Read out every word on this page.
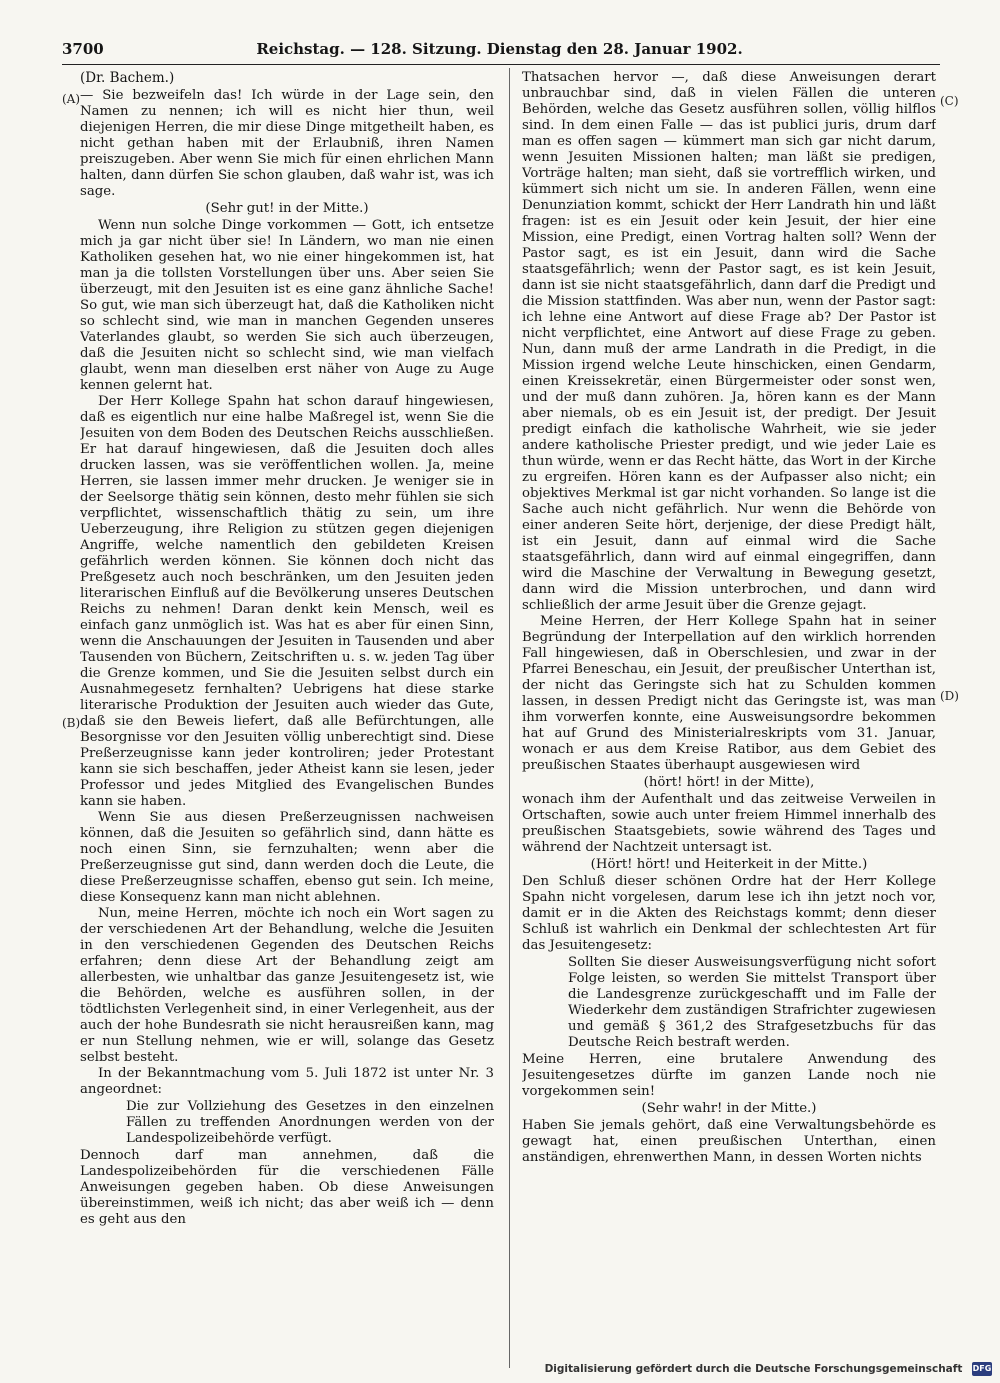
3700	Reichstag. — 128. Sitzung. Dienstag den 28. Januar 1902.
(A)
(B)
(C)
(D)

(Dr. Bachem.)

— Sie bezweifeln das! Ich würde in der Lage sein, den Namen zu nennen; ich will es nicht hier thun, weil diejenigen Herren, die mir diese Dinge mitgetheilt haben, es nicht gethan haben mit der Erlaubniß, ihren Namen preiszugeben. Aber wenn Sie mich für einen ehrlichen Mann halten, dann dürfen Sie schon glauben, daß wahr ist, was ich sage.

(Sehr gut! in der Mitte.)

Wenn nun solche Dinge vorkommen — Gott, ich entsetze mich ja gar nicht über sie! In Ländern, wo man nie einen Katholiken gesehen hat, wo nie einer hingekommen ist, hat man ja die tollsten Vorstellungen über uns. Aber seien Sie überzeugt, mit den Jesuiten ist es eine ganz ähnliche Sache! So gut, wie man sich überzeugt hat, daß die Katholiken nicht so schlecht sind, wie man in manchen Gegenden unseres Vaterlandes glaubt, so werden Sie sich auch überzeugen, daß die Jesuiten nicht so schlecht sind, wie man vielfach glaubt, wenn man dieselben erst näher von Auge zu Auge kennen gelernt hat.

Der Herr Kollege Spahn hat schon darauf hingewiesen, daß es eigentlich nur eine halbe Maßregel ist, wenn Sie die Jesuiten von dem Boden des Deutschen Reichs ausschließen. Er hat darauf hingewiesen, daß die Jesuiten doch alles drucken lassen, was sie veröffentlichen wollen. Ja, meine Herren, sie lassen immer mehr drucken. Je weniger sie in der Seelsorge thätig sein können, desto mehr fühlen sie sich verpflichtet, wissenschaftlich thätig zu sein, um ihre Ueberzeugung, ihre Religion zu stützen gegen diejenigen Angriffe, welche namentlich den gebildeten Kreisen gefährlich werden können. Sie können doch nicht das Preßgesetz auch noch beschränken, um den Jesuiten jeden literarischen Einfluß auf die Bevölkerung unseres Deutschen Reichs zu nehmen! Daran denkt kein Mensch, weil es einfach ganz unmöglich ist. Was hat es aber für einen Sinn, wenn die Anschauungen der Jesuiten in Tausenden und aber Tausenden von Büchern, Zeitschriften u. s. w. jeden Tag über die Grenze kommen, und Sie die Jesuiten selbst durch ein Ausnahmegesetz fernhalten? Uebrigens hat diese starke literarische Produktion der Jesuiten auch wieder das Gute, daß sie den Beweis liefert, daß alle Befürchtungen, alle Besorgnisse vor den Jesuiten völlig unberechtigt sind. Diese Preßerzeugnisse kann jeder kontroliren; jeder Protestant kann sie sich beschaffen, jeder Atheist kann sie lesen, jeder Professor und jedes Mitglied des Evangelischen Bundes kann sie haben.

Wenn Sie aus diesen Preßerzeugnissen nachweisen können, daß die Jesuiten so gefährlich sind, dann hätte es noch einen Sinn, sie fernzuhalten; wenn aber die Preßerzeugnisse gut sind, dann werden doch die Leute, die diese Preßerzeugnisse schaffen, ebenso gut sein. Ich meine, diese Konsequenz kann man nicht ablehnen.

Nun, meine Herren, möchte ich noch ein Wort sagen zu der verschiedenen Art der Behandlung, welche die Jesuiten in den verschiedenen Gegenden des Deutschen Reichs erfahren; denn diese Art der Behandlung zeigt am allerbesten, wie unhaltbar das ganze Jesuitengesetz ist, wie die Behörden, welche es ausführen sollen, in der tödtlichsten Verlegenheit sind, in einer Verlegenheit, aus der auch der hohe Bundesrath sie nicht herausreißen kann, mag er nun Stellung nehmen, wie er will, solange das Gesetz selbst besteht.

In der Bekanntmachung vom 5. Juli 1872 ist unter Nr. 3 angeordnet:

Die zur Vollziehung des Gesetzes in den einzelnen Fällen zu treffenden Anordnungen werden von der Landespolizeibehörde verfügt.

Dennoch darf man annehmen, daß die Landespolizeibehörden für die verschiedenen Fälle Anweisungen gegeben haben. Ob diese Anweisungen übereinstimmen, weiß ich nicht; das aber weiß ich — denn es geht aus den

Thatsachen hervor —, daß diese Anweisungen derart unbrauchbar sind, daß in vielen Fällen die unteren Behörden, welche das Gesetz ausführen sollen, völlig hilflos sind. In dem einen Falle — das ist publici juris, drum darf man es offen sagen — kümmert man sich gar nicht darum, wenn Jesuiten Missionen halten; man läßt sie predigen, Vorträge halten; man sieht, daß sie vortrefflich wirken, und kümmert sich nicht um sie. In anderen Fällen, wenn eine Denunziation kommt, schickt der Herr Landrath hin und läßt fragen: ist es ein Jesuit oder kein Jesuit, der hier eine Mission, eine Predigt, einen Vortrag halten soll? Wenn der Pastor sagt, es ist ein Jesuit, dann wird die Sache staatsgefährlich; wenn der Pastor sagt, es ist kein Jesuit, dann ist sie nicht staatsgefährlich, dann darf die Predigt und die Mission stattfinden. Was aber nun, wenn der Pastor sagt: ich lehne eine Antwort auf diese Frage ab? Der Pastor ist nicht verpflichtet, eine Antwort auf diese Frage zu geben. Nun, dann muß der arme Landrath in die Predigt, in die Mission irgend welche Leute hinschicken, einen Gendarm, einen Kreissekretär, einen Bürgermeister oder sonst wen, und der muß dann zuhören. Ja, hören kann es der Mann aber niemals, ob es ein Jesuit ist, der predigt. Der Jesuit predigt einfach die katholische Wahrheit, wie sie jeder andere katholische Priester predigt, und wie jeder Laie es thun würde, wenn er das Recht hätte, das Wort in der Kirche zu ergreifen. Hören kann es der Aufpasser also nicht; ein objektives Merkmal ist gar nicht vorhanden. So lange ist die Sache auch nicht gefährlich. Nur wenn die Behörde von einer anderen Seite hört, derjenige, der diese Predigt hält, ist ein Jesuit, dann auf einmal wird die Sache staatsgefährlich, dann wird auf einmal eingegriffen, dann wird die Maschine der Verwaltung in Bewegung gesetzt, dann wird die Mission unterbrochen, und dann wird schließlich der arme Jesuit über die Grenze gejagt.

Meine Herren, der Herr Kollege Spahn hat in seiner Begründung der Interpellation auf den wirklich horrenden Fall hingewiesen, daß in Oberschlesien, und zwar in der Pfarrei Beneschau, ein Jesuit, der preußischer Unterthan ist, der nicht das Geringste sich hat zu Schulden kommen lassen, in dessen Predigt nicht das Geringste ist, was man ihm vorwerfen konnte, eine Ausweisungsordre bekommen hat auf Grund des Ministerialreskripts vom 31. Januar, wonach er aus dem Kreise Ratibor, aus dem Gebiet des preußischen Staates überhaupt ausgewiesen wird

(hört! hört! in der Mitte),

wonach ihm der Aufenthalt und das zeitweise Verweilen in Ortschaften, sowie auch unter freiem Himmel innerhalb des preußischen Staatsgebiets, sowie während des Tages und während der Nachtzeit untersagt ist.

(Hört! hört! und Heiterkeit in der Mitte.)

Den Schluß dieser schönen Ordre hat der Herr Kollege Spahn nicht vorgelesen, darum lese ich ihn jetzt noch vor, damit er in die Akten des Reichstags kommt; denn dieser Schluß ist wahrlich ein Denkmal der schlechtesten Art für das Jesuitengesetz:

Sollten Sie dieser Ausweisungsverfügung nicht sofort Folge leisten, so werden Sie mittelst Transport über die Landesgrenze zurückgeschafft und im Falle der Wiederkehr dem zuständigen Strafrichter zugewiesen und gemäß § 361,2 des Strafgesetzbuchs für das Deutsche Reich bestraft werden.

Meine Herren, eine brutalere Anwendung des Jesuitengesetzes dürfte im ganzen Lande noch nie vorgekommen sein!

(Sehr wahr! in der Mitte.)

Haben Sie jemals gehört, daß eine Verwaltungsbehörde es gewagt hat, einen preußischen Unterthan, einen anständigen, ehrenwerthen Mann, in dessen Worten nichts

Digitalisierung gefördert durch die Deutsche Forschungsgemeinschaft DFG
